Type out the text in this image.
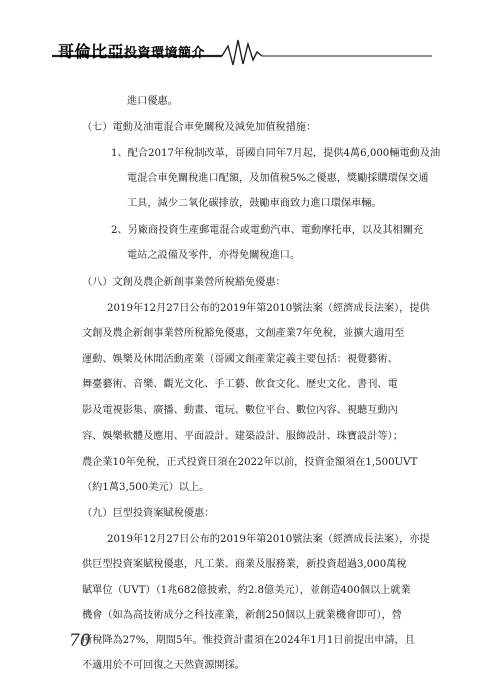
哥倫比亞投資環境簡介
進口優惠。
（七）電動及油電混合車免關稅及減免加值稅措施：
1、配合2017年稅制改革，哥國自同年7月起，提供4萬6,000輛電動及油
電混合車免關稅進口配額，及加值稅5%之優惠，獎勵採購環保交通
工具，減少二氧化碳排放，鼓勵車商致力進口環保車輛。
2、另廠商投資生產郵電混合或電動汽車、電動摩托車，以及其相關充
電站之設備及零件，亦得免關稅進口。
（八）文創及農企新創事業營所稅豁免優惠：
2019年12月27日公布的2019年第2010號法案（經濟成長法案），提供
文創及農企新創事業營所稅豁免優惠，文創產業7年免稅，並擴大適用至
運動、娛樂及休閒活動產業（哥國文創產業定義主要包括：視覺藝術、
舞臺藝術、音樂、觀光文化、手工藝、飲食文化、歷史文化、書刊、電
影及電視影集、廣播、動畫、電玩、數位平台、數位內容、視聽互動內
容、娛樂軟體及應用、平面設計、建築設計、服飾設計、珠寶設計等）；
農企業10年免稅，正式投資日須在2022年以前，投資金額須在1,500UVT
（約1萬3,500美元）以上。
（九）巨型投資案賦稅優惠：
2019年12月27日公布的2019年第2010號法案（經濟成長法案），亦提
供巨型投資案賦稅優惠，凡工業、商業及服務業，新投資超過3,000萬稅
賦單位（UVT）（1兆682億披索，約2.8億美元），並創造400個以上就業
機會（如為高技術成分之科技產業，新創250個以上就業機會即可），營
所稅降為27%，期間5年。惟投資計畫須在2024年1月1日前提出申請，且
不適用於不可回復之天然資源開採。
70
